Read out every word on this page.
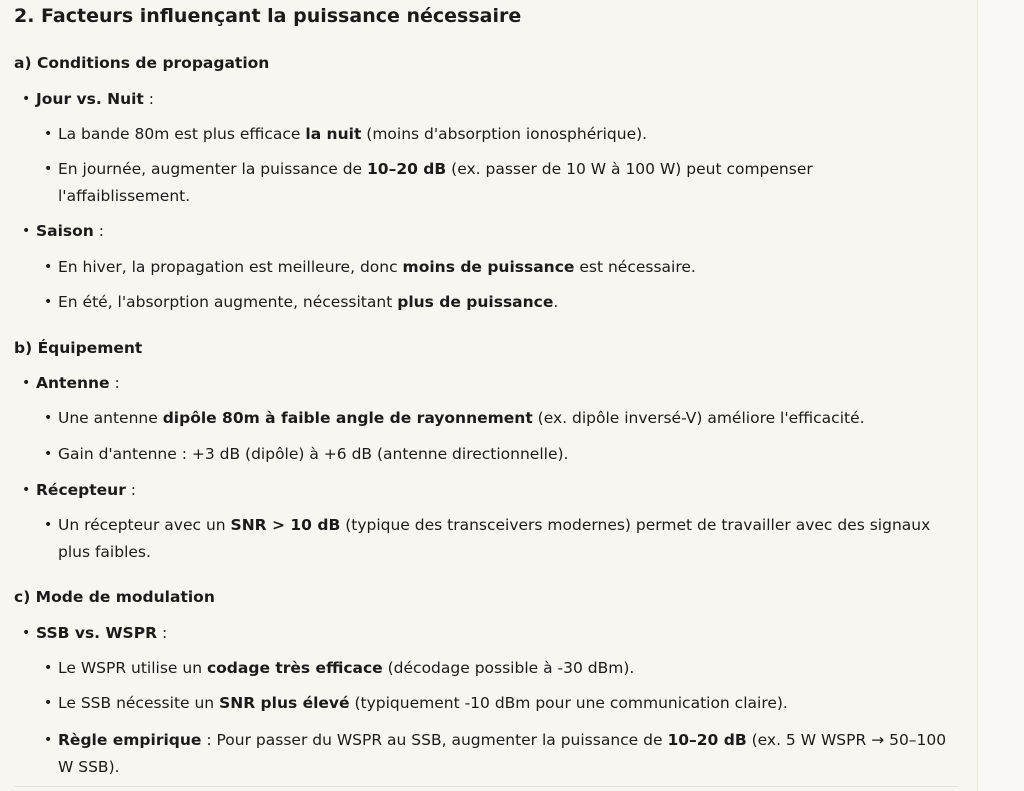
2. Facteurs influençant la puissance nécessaire
a) Conditions de propagation
• Jour vs. Nuit :
• La bande 80m est plus efficace la nuit (moins d'absorption ionosphérique).
• En journée, augmenter la puissance de 10–20 dB (ex. passer de 10 W à 100 W) peut compenser
l'affaiblissement.
• Saison :
• En hiver, la propagation est meilleure, donc moins de puissance est nécessaire.
• En été, l'absorption augmente, nécessitant plus de puissance.
b) Équipement
• Antenne :
• Une antenne dipôle 80m à faible angle de rayonnement (ex. dipôle inversé-V) améliore l'efficacité.
• Gain d'antenne : +3 dB (dipôle) à +6 dB (antenne directionnelle).
• Récepteur :
• Un récepteur avec un SNR > 10 dB (typique des transceivers modernes) permet de travailler avec des signaux
plus faibles.
c) Mode de modulation
• SSB vs. WSPR :
• Le WSPR utilise un codage très efficace (décodage possible à -30 dBm).
• Le SSB nécessite un SNR plus élevé (typiquement -10 dBm pour une communication claire).
• Règle empirique : Pour passer du WSPR au SSB, augmenter la puissance de 10–20 dB (ex. 5 W WSPR → 50–100
W SSB).
